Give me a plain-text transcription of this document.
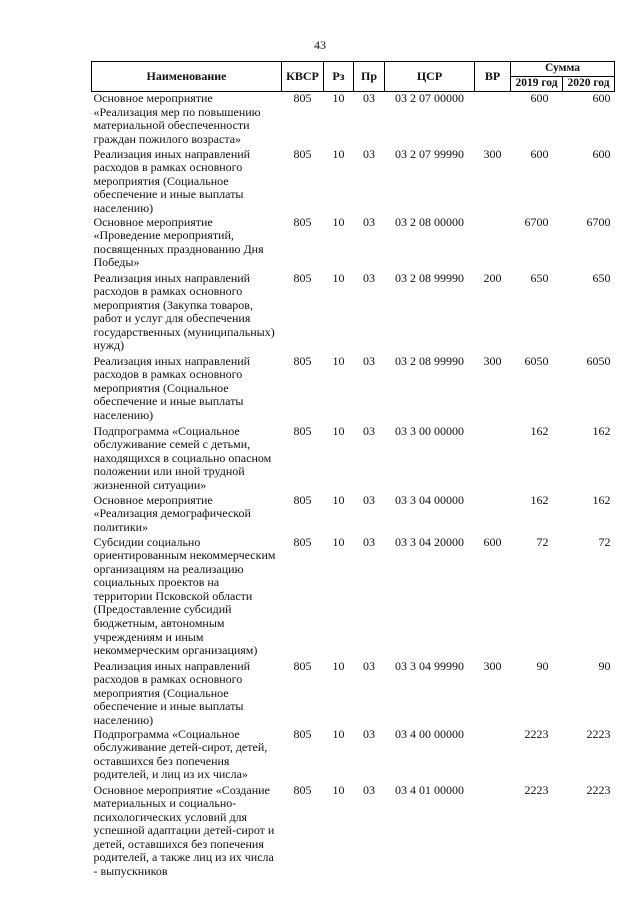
43
Наименование	КВСР	Рз	Пр	ЦСР	ВР	Сумма	
						2019 год	2020 год
Основное мероприятие «Реализация мер по повышению материальной обеспеченности граждан пожилого возраста»	805	10	03	03 2 07 00000		600	600
Реализация иных направлений расходов в рамках основного мероприятия (Социальное обеспечение и иные выплаты населению)	805	10	03	03 2 07 99990	300	600	600
Основное мероприятие «Проведение мероприятий, посвященных празднованию Дня Победы»	805	10	03	03 2 08 00000		6700	6700
Реализация иных направлений расходов в рамках основного мероприятия (Закупка товаров, работ и услуг для обеспечения государственных (муниципальных) нужд)	805	10	03	03 2 08 99990	200	650	650
Реализация иных направлений расходов в рамках основного мероприятия (Социальное обеспечение и иные выплаты населению)	805	10	03	03 2 08 99990	300	6050	6050
Подпрограмма «Социальное обслуживание семей с детьми, находящихся в социально опасном положении или иной трудной жизненной ситуации»	805	10	03	03 3 00 00000		162	162
Основное мероприятие «Реализация демографической политики»	805	10	03	03 3 04 00000		162	162
Субсидии социально ориентированным некоммерческим организациям на реализацию социальных проектов на территории Псковской области (Предоставление субсидий бюджетным, автономным учреждениям и иным некоммерческим организациям)	805	10	03	03 3 04 20000	600	72	72
Реализация иных направлений расходов в рамках основного мероприятия (Социальное обеспечение и иные выплаты населению)	805	10	03	03 3 04 99990	300	90	90
Подпрограмма «Социальное обслуживание детей-сирот, детей, оставшихся без попечения родителей, и лиц из их числа»	805	10	03	03 4 00 00000		2223	2223
Основное мероприятие «Создание материальных и социально-психологических условий для успешной адаптации детей-сирот и детей, оставшихся без попечения родителей, а также лиц из их числа - выпускников	805	10	03	03 4 01 00000		2223	2223
